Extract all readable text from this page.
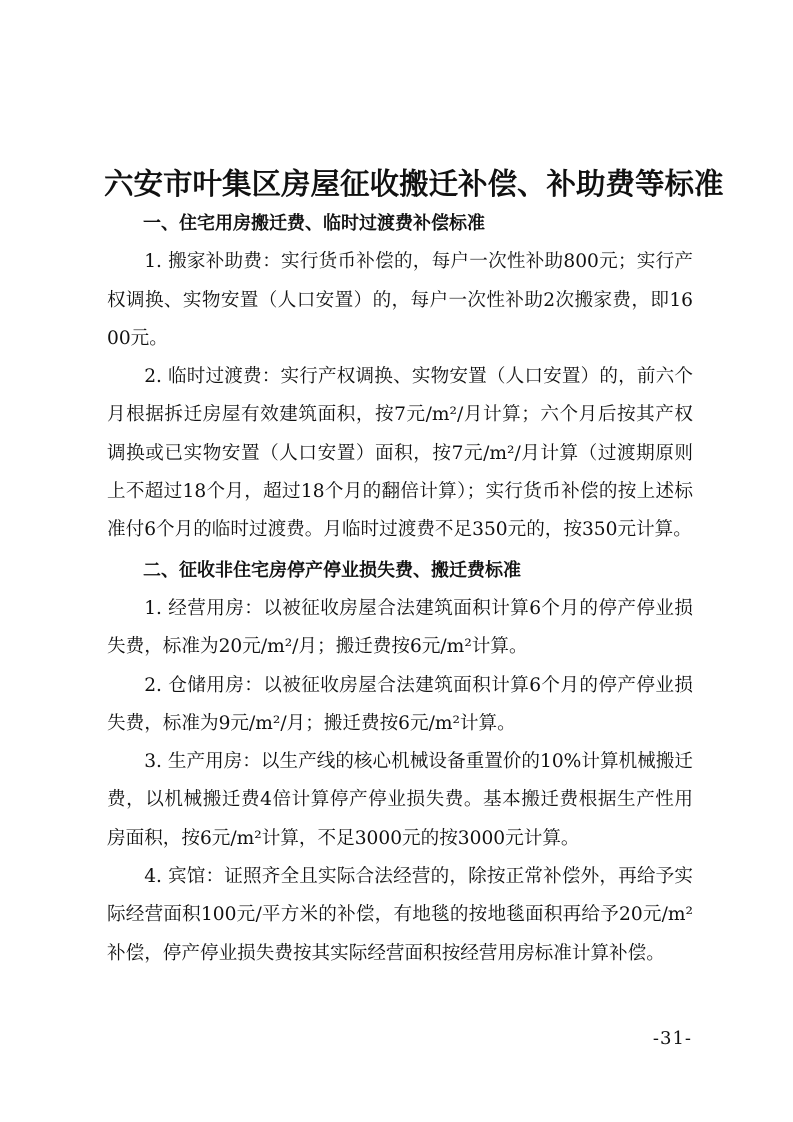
六安市叶集区房屋征收搬迁补偿、补助费等标准

一、住宅用房搬迁费、临时过渡费补偿标准

1. 搬家补助费：实行货币补偿的，每户一次性补助800元；实行产权调换、实物安置（人口安置）的，每户一次性补助2次搬家费，即1600元。

2. 临时过渡费：实行产权调换、实物安置（人口安置）的，前六个月根据拆迁房屋有效建筑面积，按7元/m²/月计算；六个月后按其产权调换或已实物安置（人口安置）面积，按7元/m²/月计算（过渡期原则上不超过18个月，超过18个月的翻倍计算）；实行货币补偿的按上述标准付6个月的临时过渡费。月临时过渡费不足350元的，按350元计算。

二、征收非住宅房停产停业损失费、搬迁费标准

1. 经营用房：以被征收房屋合法建筑面积计算6个月的停产停业损失费，标准为20元/m²/月；搬迁费按6元/m²计算。

2. 仓储用房：以被征收房屋合法建筑面积计算6个月的停产停业损失费，标准为9元/m²/月；搬迁费按6元/m²计算。

3. 生产用房：以生产线的核心机械设备重置价的10%计算机械搬迁费，以机械搬迁费4倍计算停产停业损失费。基本搬迁费根据生产性用房面积，按6元/m²计算，不足3000元的按3000元计算。

4. 宾馆：证照齐全且实际合法经营的，除按正常补偿外，再给予实际经营面积100元/平方米的补偿，有地毯的按地毯面积再给予20元/m²补偿，停产停业损失费按其实际经营面积按经营用房标准计算补偿。

-31-
